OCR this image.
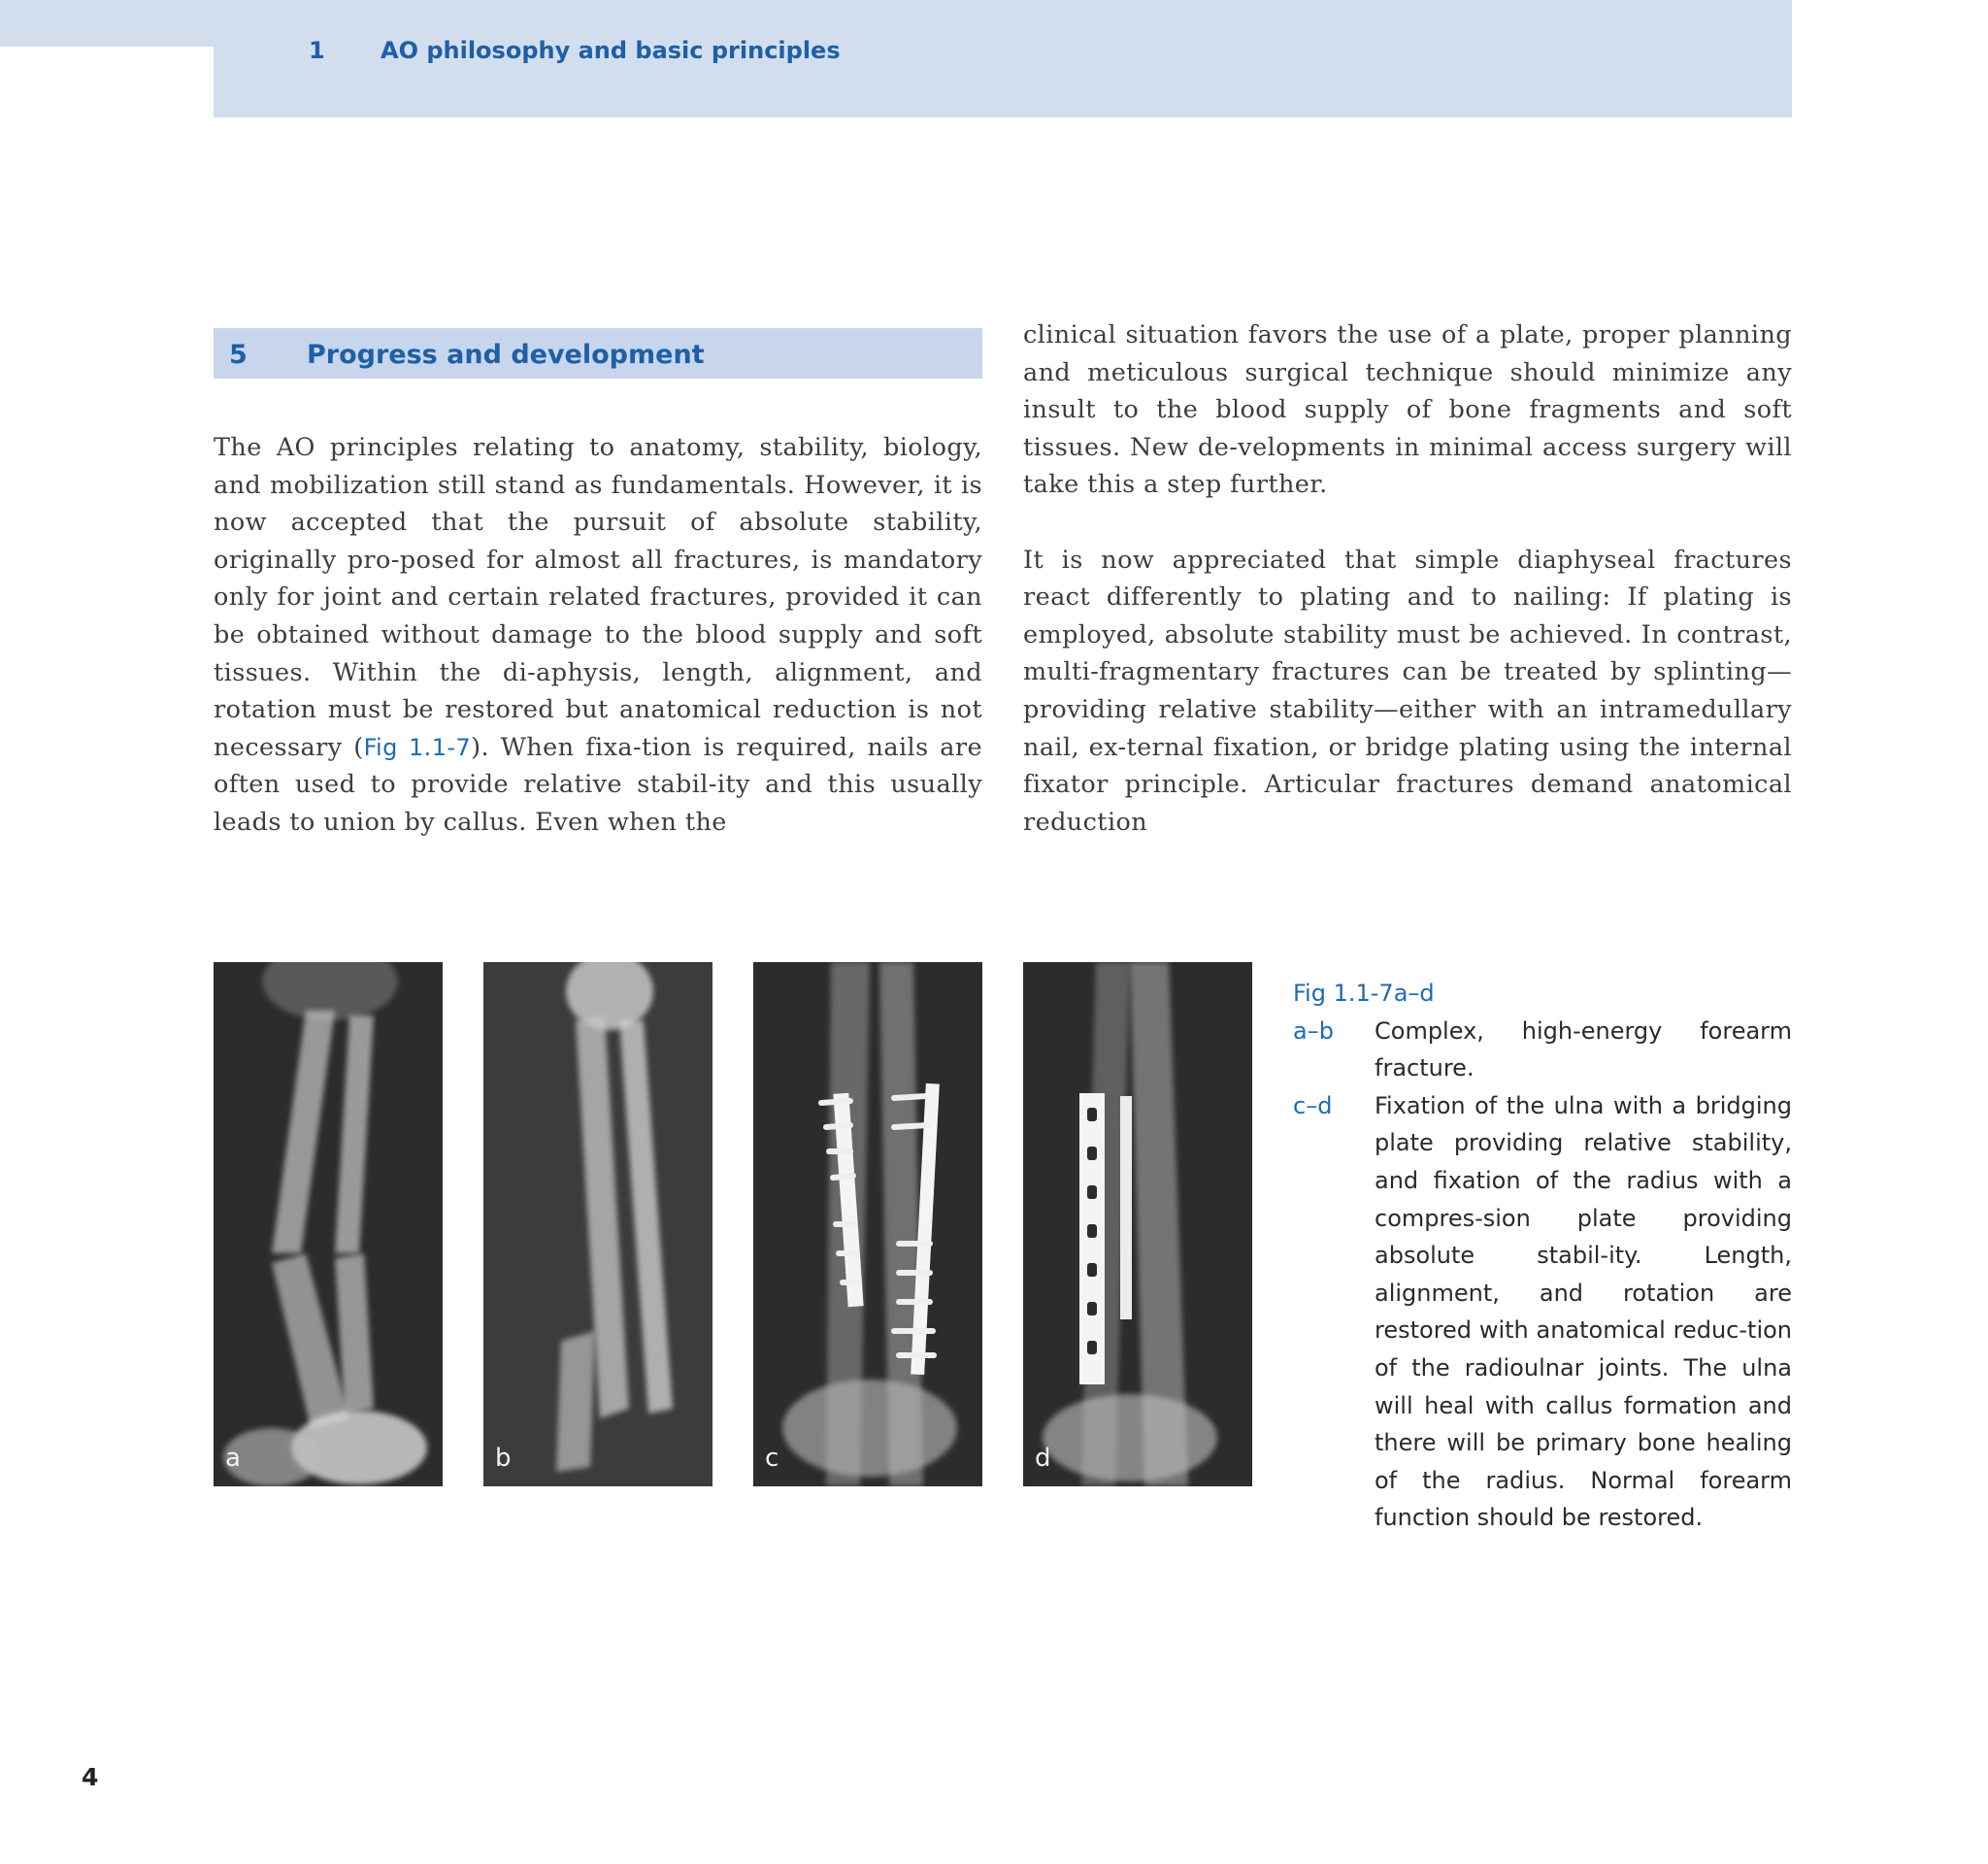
1 AO philosophy and basic principles
5 Progress and development

The AO principles relating to anatomy, stability, biology, and mobilization still stand as fundamentals. However, it is now accepted that the pursuit of absolute stability, originally pro-posed for almost all fractures, is mandatory only for joint and certain related fractures, provided it can be obtained without damage to the blood supply and soft tissues. Within the di-aphysis, length, alignment, and rotation must be restored but anatomical reduction is not necessary (Fig 1.1-7). When fixa-tion is required, nails are often used to provide relative stabil-ity and this usually leads to union by callus. Even when the

clinical situation favors the use of a plate, proper planning and meticulous surgical technique should minimize any insult to the blood supply of bone fragments and soft tissues. New de-velopments in minimal access surgery will take this a step further.

It is now appreciated that simple diaphyseal fractures react differently to plating and to nailing: If plating is employed, absolute stability must be achieved. In contrast, multi-fragmentary fractures can be treated by splinting—providing relative stability—either with an intramedullary nail, ex-ternal fixation, or bridge plating using the internal fixator principle. Articular fractures demand anatomical reduction

a	b	c	d
Fig 1.1-7a–d
a–b	Complex, high-energy forearm fracture.
c–d	Fixation of the ulna with a bridging plate providing relative stability, and fixation of the radius with a compres-sion plate providing absolute stabil-ity. Length, alignment, and rotation are restored with anatomical reduc-tion of the radioulnar joints. The ulna will heal with callus formation and there will be primary bone healing of the radius. Normal forearm function should be restored.
4
